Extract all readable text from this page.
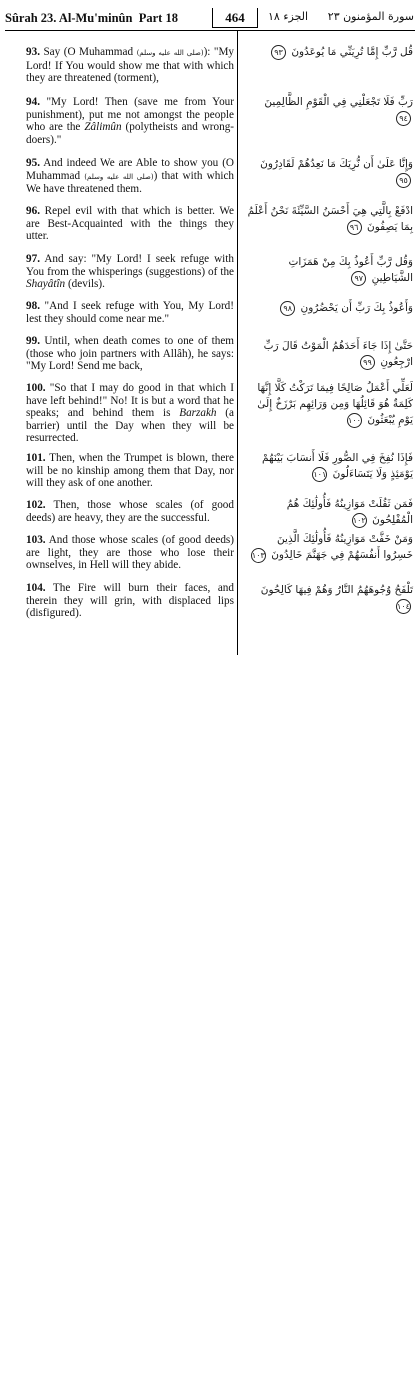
Sûrah 23. Al-Mu'minûn Part 18	464	الجزء ١٨ سورة المؤمنون ٢٣
93. Say (O Muhammad (صلى الله عليه وسلم)): "My Lord! If You would show me that with which they are threatened (torment),
94. "My Lord! Then (save me from Your punishment), put me not amongst the people who are the Zâlimûn (polytheists and wrong-doers)."
95. And indeed We are Able to show you (O Muhammad (صلى الله عليه وسلم)) that with which We have threatened them.
96. Repel evil with that which is better. We are Best-Acquainted with the things they utter.
97. And say: "My Lord! I seek refuge with You from the whisperings (suggestions) of the Shayâtîn (devils).
98. "And I seek refuge with You, My Lord! lest they should come near me."
99. Until, when death comes to one of them (those who join partners with Allâh), he says: "My Lord! Send me back,
100. "So that I may do good in that which I have left behind!" No! It is but a word that he speaks; and behind them is Barzakh (a barrier) until the Day when they will be resurrected.
101. Then, when the Trumpet is blown, there will be no kinship among them that Day, nor will they ask of one another.
102. Then, those whose scales (of good deeds) are heavy, they are the successful.
103. And those whose scales (of good deeds) are light, they are those who lose their ownselves, in Hell will they abide.
104. The Fire will burn their faces, and therein they will grin, with displaced lips (disfigured).
قُل رَّبِّ إِمَّا تُرِيَنِّي مَا يُوعَدُونَ ٩٣
رَبِّ فَلَا تَجْعَلْنِي فِي الْقَوْمِ الظَّالِمِينَ ٩٤
وَإِنَّا عَلَىٰ أَن نُّرِيَكَ مَا نَعِدُهُمْ لَقَادِرُونَ ٩٥
ادْفَعْ بِالَّتِي هِيَ أَحْسَنُ السَّيِّئَةَ نَحْنُ أَعْلَمُ بِمَا يَصِفُونَ ٩٦
وَقُل رَّبِّ أَعُوذُ بِكَ مِنْ هَمَزَاتِ الشَّيَاطِينِ ٩٧
وَأَعُوذُ بِكَ رَبِّ أَن يَحْضُرُونِ ٩٨
حَتَّىٰ إِذَا جَاءَ أَحَدَهُمُ الْمَوْتُ قَالَ رَبِّ ارْجِعُونِ ٩٩
لَعَلِّي أَعْمَلُ صَالِحًا فِيمَا تَرَكْتُ كَلَّا إِنَّهَا كَلِمَةٌ هُوَ قَائِلُهَا وَمِن وَرَائِهِم بَرْزَخٌ إِلَىٰ يَوْمِ يُبْعَثُونَ ١٠٠
فَإِذَا نُفِخَ فِي الصُّورِ فَلَا أَنسَابَ بَيْنَهُمْ يَوْمَئِذٍ وَلَا يَتَسَاءَلُونَ ١٠١
فَمَن ثَقُلَتْ مَوَازِينُهُ فَأُولَٰئِكَ هُمُ الْمُفْلِحُونَ ١٠٢
وَمَنْ خَفَّتْ مَوَازِينُهُ فَأُولَٰئِكَ الَّذِينَ خَسِرُوا أَنفُسَهُمْ فِي جَهَنَّمَ خَالِدُونَ ١٠٣
تَلْفَحُ وُجُوهَهُمُ النَّارُ وَهُمْ فِيهَا كَالِحُونَ ١٠٤
